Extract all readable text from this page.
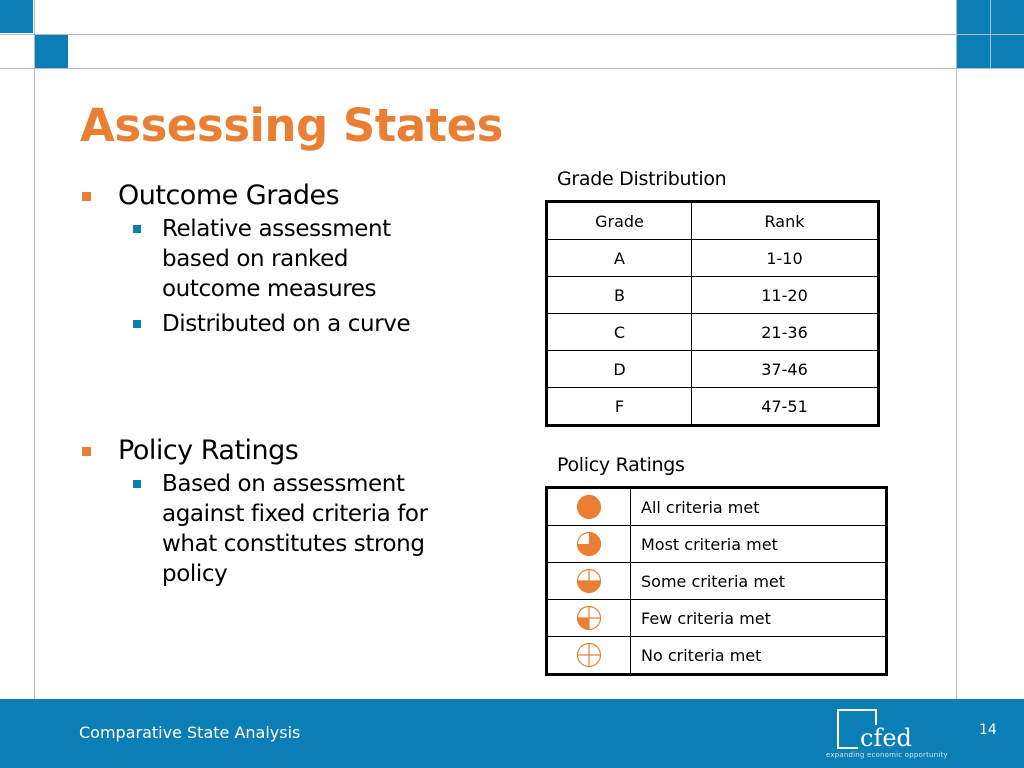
Assessing States
Outcome Grades
Relative assessment based on ranked outcome measures
Distributed on a curve
Policy Ratings
Based on assessment against fixed criteria for what constitutes strong policy
Grade Distribution
Grade	Rank
A	1-10
B	11-20
C	21-36
D	37-46
F	47-51
Policy Ratings
	All criteria met

	Most criteria met

	Some criteria met

	Few criteria met

	No criteria met
Comparative State Analysis	cfed
expanding economic opportunity
14
